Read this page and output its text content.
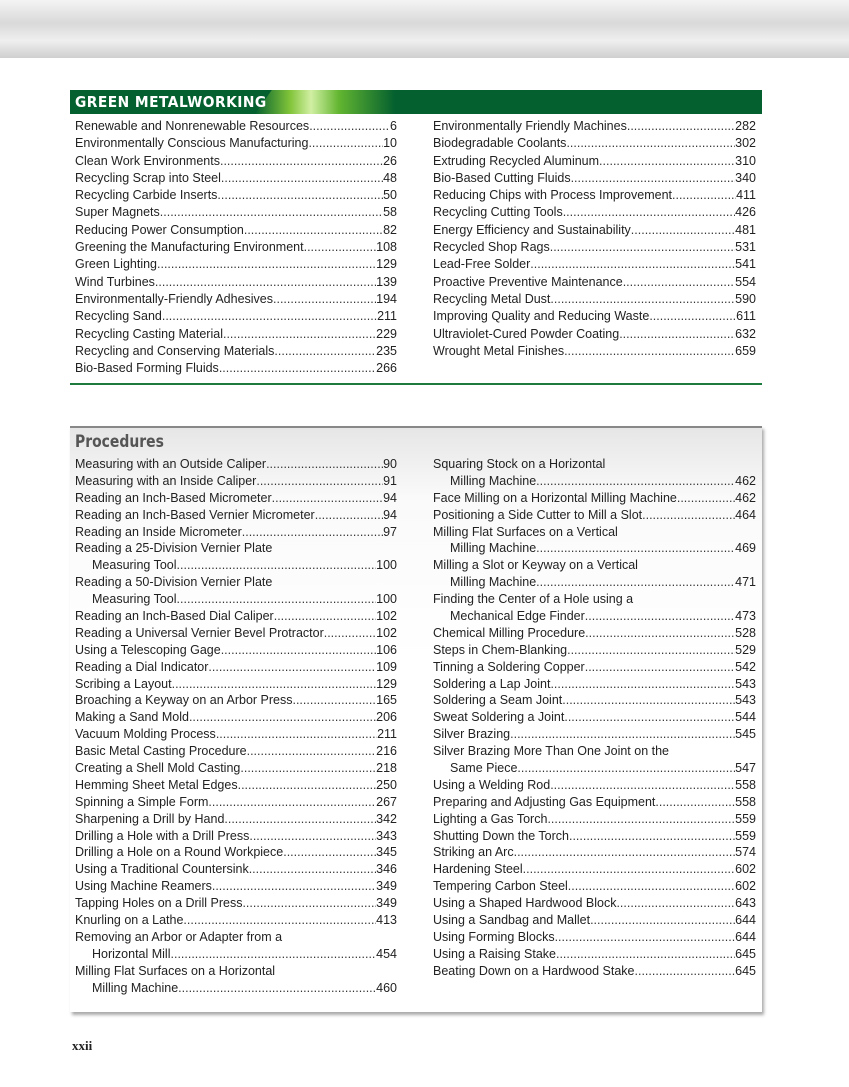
GREEN METALWORKING
Renewable and Nonrenewable Resources .....	6
Environmentally Conscious Manufacturing .....	10
Clean Work Environments .....	26
Recycling Scrap into Steel .....	48
Recycling Carbide Inserts .....	50
Super Magnets .....	58
Reducing Power Consumption .....	82
Greening the Manufacturing Environment .....	108
Green Lighting .....	129
Wind Turbines .....	139
Environmentally-Friendly Adhesives .....	194
Recycling Sand .....	211
Recycling Casting Material .....	229
Recycling and Conserving Materials .....	235
Bio-Based Forming Fluids .....	266
Environmentally Friendly Machines .....	282
Biodegradable Coolants .....	302
Extruding Recycled Aluminum .....	310
Bio-Based Cutting Fluids .....	340
Reducing Chips with Process Improvement .....	411
Recycling Cutting Tools .....	426
Energy Efficiency and Sustainability .....	481
Recycled Shop Rags .....	531
Lead-Free Solder .....	541
Proactive Preventive Maintenance .....	554
Recycling Metal Dust .....	590
Improving Quality and Reducing Waste .....	611
Ultraviolet-Cured Powder Coating .....	632
Wrought Metal Finishes .....	659
Procedures
Measuring with an Outside Caliper .....	90
Measuring with an Inside Caliper .....	91
Reading an Inch-Based Micrometer .....	94
Reading an Inch-Based Vernier Micrometer .....	94
Reading an Inside Micrometer .....	97
Reading a 25-Division Vernier Plate
Measuring Tool .....	100
Reading a 50-Division Vernier Plate
Measuring Tool .....	100
Reading an Inch-Based Dial Caliper .....	102
Reading a Universal Vernier Bevel Protractor .....	102
Using a Telescoping Gage .....	106
Reading a Dial Indicator .....	109
Scribing a Layout .....	129
Broaching a Keyway on an Arbor Press .....	165
Making a Sand Mold .....	206
Vacuum Molding Process .....	211
Basic Metal Casting Procedure .....	216
Creating a Shell Mold Casting .....	218
Hemming Sheet Metal Edges .....	250
Spinning a Simple Form .....	267
Sharpening a Drill by Hand .....	342
Drilling a Hole with a Drill Press .....	343
Drilling a Hole on a Round Workpiece .....	345
Using a Traditional Countersink .....	346
Using Machine Reamers .....	349
Tapping Holes on a Drill Press .....	349
Knurling on a Lathe .....	413
Removing an Arbor or Adapter from a
Horizontal Mill .....	454
Milling Flat Surfaces on a Horizontal
Milling Machine .....	460
Squaring Stock on a Horizontal
Milling Machine .....	462
Face Milling on a Horizontal Milling Machine .....	462
Positioning a Side Cutter to Mill a Slot .....	464
Milling Flat Surfaces on a Vertical
Milling Machine .....	469
Milling a Slot or Keyway on a Vertical
Milling Machine .....	471
Finding the Center of a Hole using a
Mechanical Edge Finder .....	473
Chemical Milling Procedure .....	528
Steps in Chem-Blanking .....	529
Tinning a Soldering Copper .....	542
Soldering a Lap Joint .....	543
Soldering a Seam Joint .....	543
Sweat Soldering a Joint .....	544
Silver Brazing .....	545
Silver Brazing More Than One Joint on the
Same Piece .....	547
Using a Welding Rod .....	558
Preparing and Adjusting Gas Equipment .....	558
Lighting a Gas Torch .....	559
Shutting Down the Torch .....	559
Striking an Arc .....	574
Hardening Steel .....	602
Tempering Carbon Steel .....	602
Using a Shaped Hardwood Block .....	643
Using a Sandbag and Mallet .....	644
Using Forming Blocks .....	644
Using a Raising Stake .....	645
Beating Down on a Hardwood Stake .....	645
xxii
